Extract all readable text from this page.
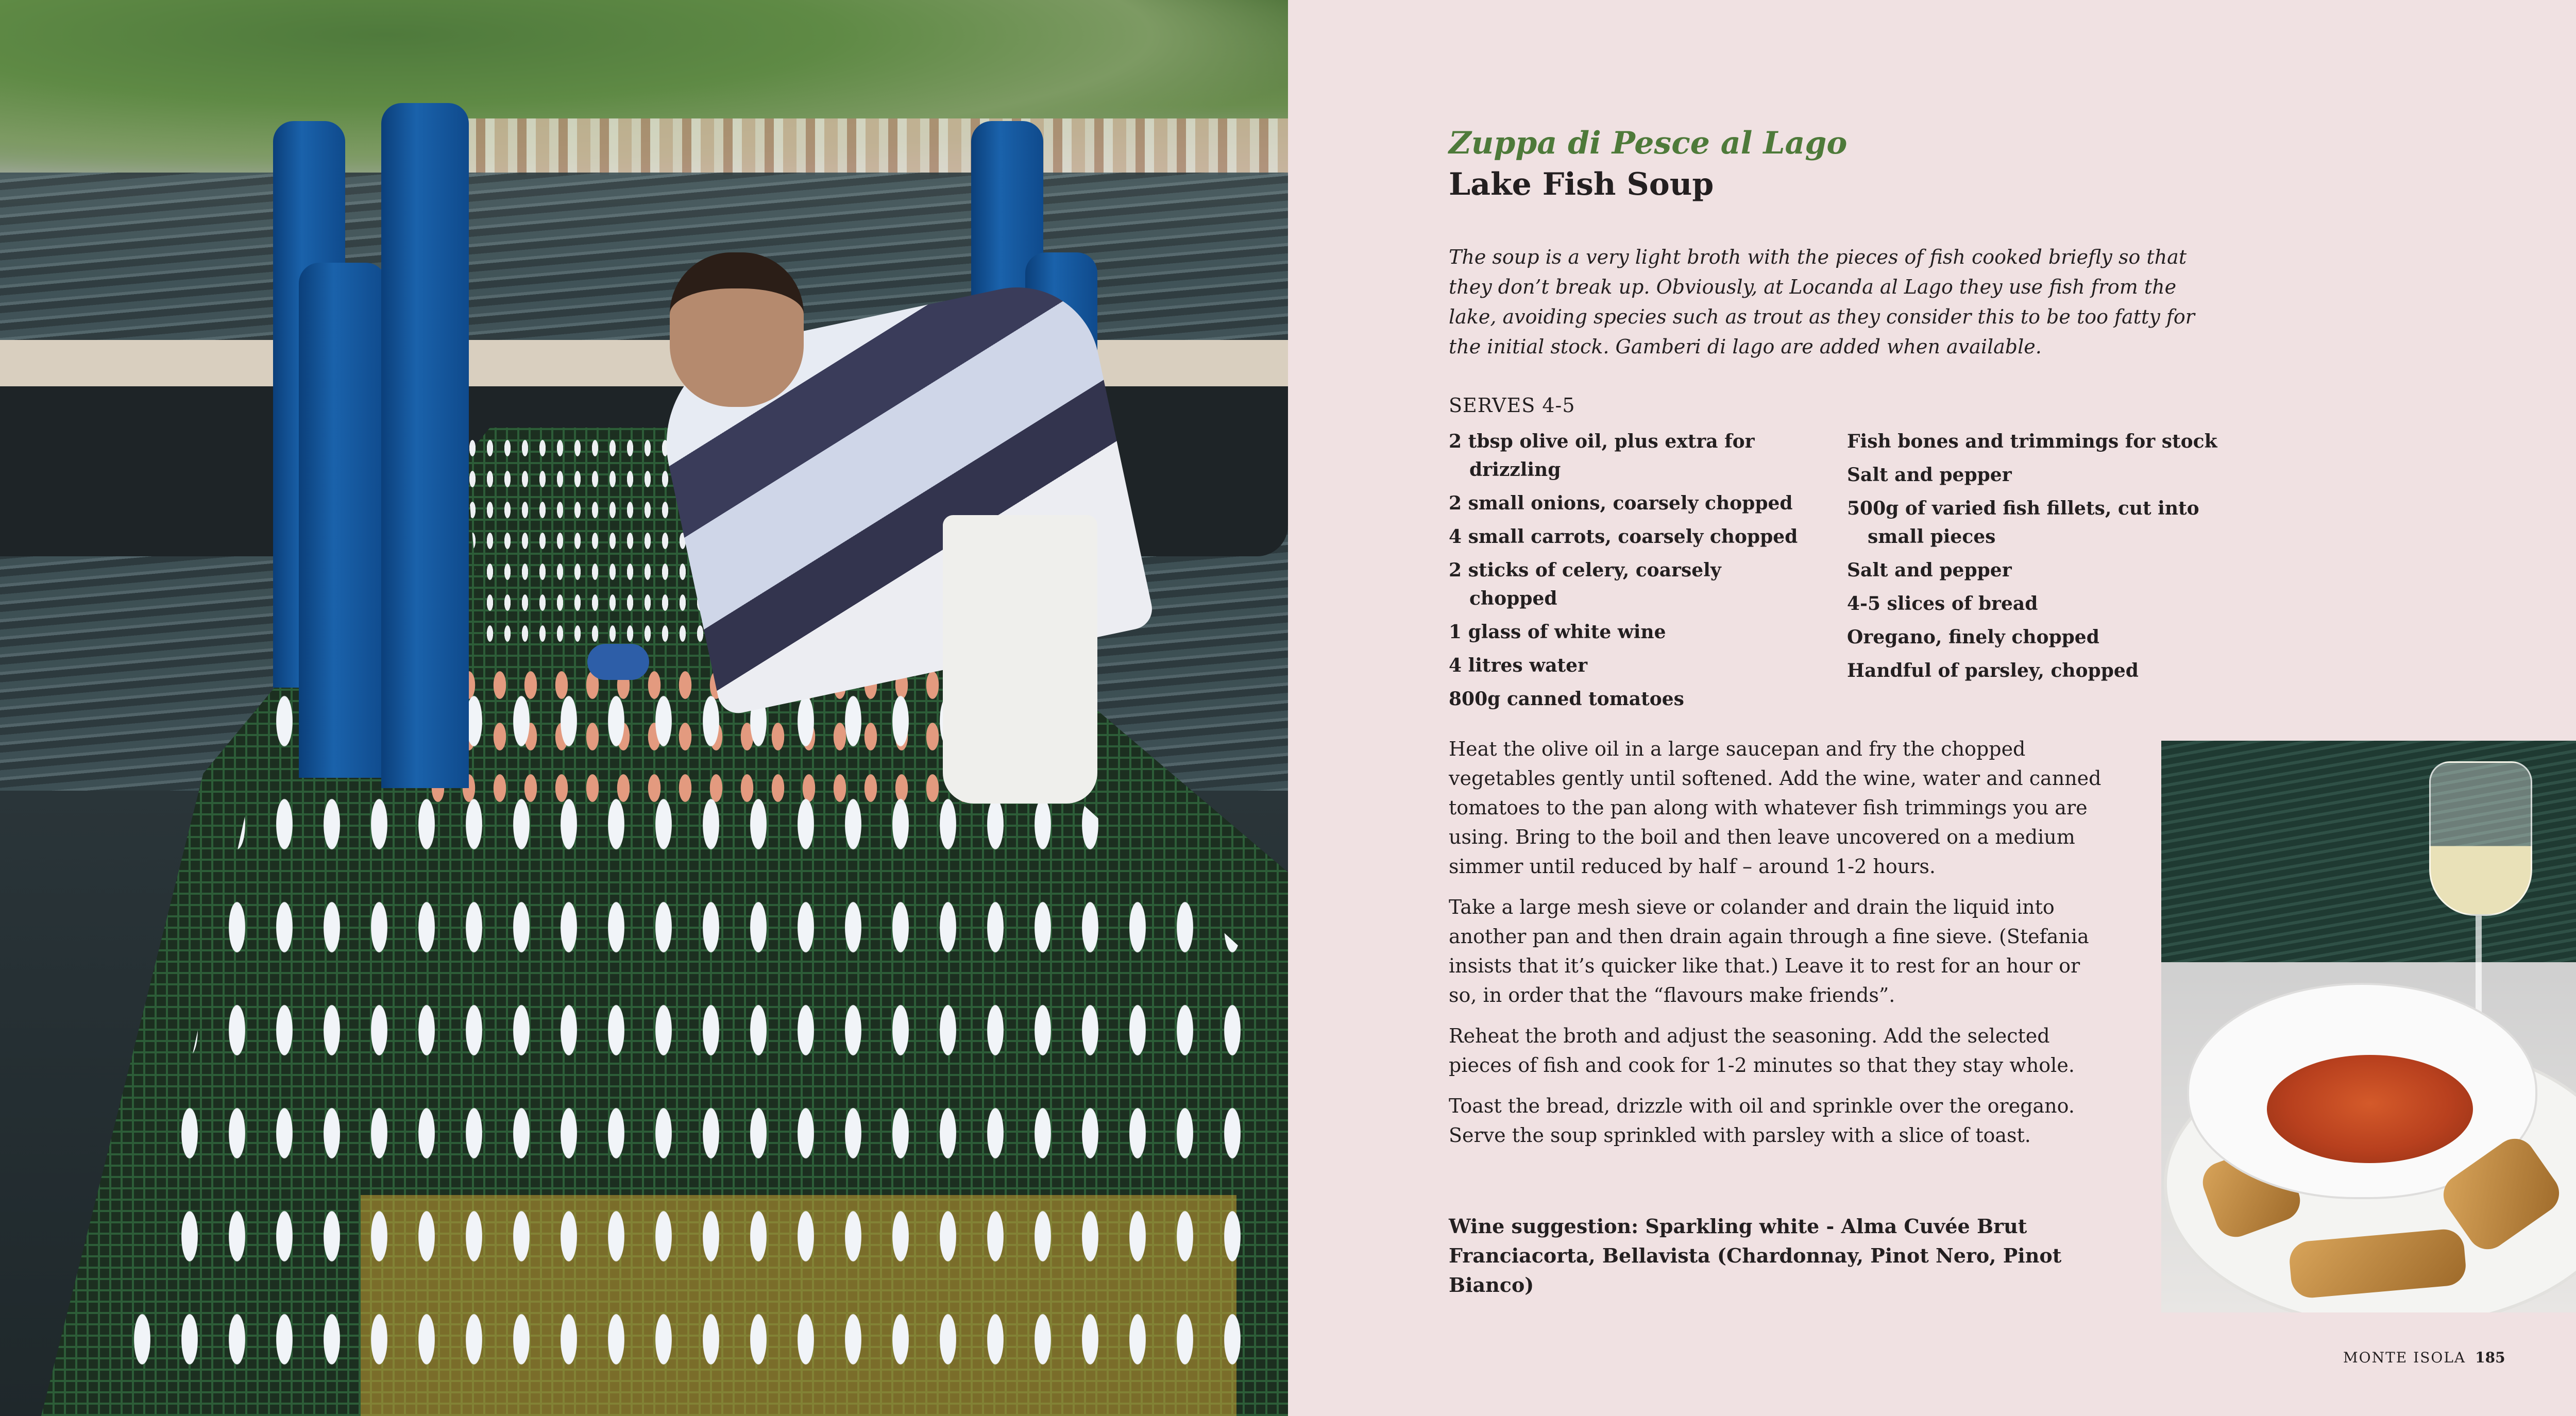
Zuppa di Pesce al Lago
Lake Fish Soup

The soup is a very light broth with the pieces of fish cooked briefly so that they don’t break up. Obviously, at Locanda al Lago they use fish from the lake, avoiding species such as trout as they consider this to be too fatty for the initial stock. Gamberi di lago are added when available.

SERVES 4-5
2 tbsp olive oil, plus extra for drizzling
2 small onions, coarsely chopped
4 small carrots, coarsely chopped
2 sticks of celery, coarsely chopped
1 glass of white wine
4 litres water
800g canned tomatoes
Fish bones and trimmings for stock
Salt and pepper
500g of varied fish fillets, cut into small pieces
Salt and pepper
4-5 slices of bread
Oregano, finely chopped
Handful of parsley, chopped

Heat the olive oil in a large saucepan and fry the chopped vegetables gently until softened. Add the wine, water and canned tomatoes to the pan along with whatever fish trimmings you are using. Bring to the boil and then leave uncovered on a medium simmer until reduced by half – around 1-2 hours.

Take a large mesh sieve or colander and drain the liquid into another pan and then drain again through a fine sieve. (Stefania insists that it’s quicker like that.) Leave it to rest for an hour or so, in order that the “flavours make friends”.

Reheat the broth and adjust the seasoning. Add the selected pieces of fish and cook for 1-2 minutes so that they stay whole.

Toast the bread, drizzle with oil and sprinkle over the oregano. Serve the soup sprinkled with parsley with a slice of toast.

Wine suggestion: Sparkling white - Alma Cuvée Brut Franciacorta, Bellavista (Chardonnay, Pinot Nero, Pinot Bianco)

MONTE ISOLA 185
